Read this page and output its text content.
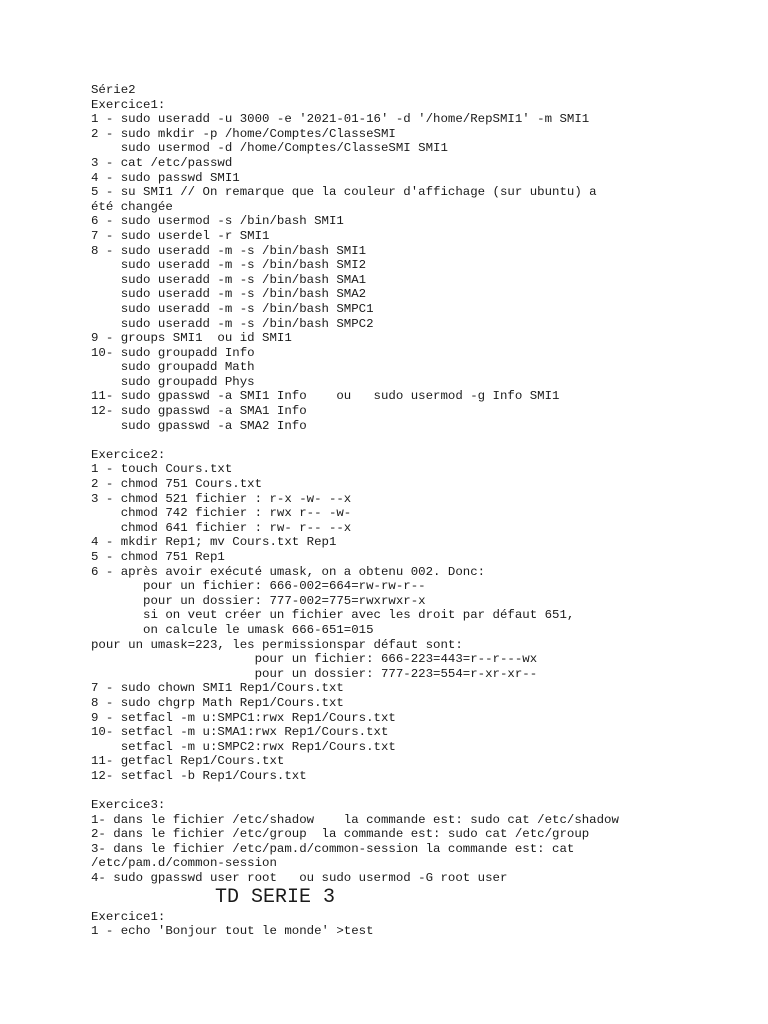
Série2
Exercice1:
1 - sudo useradd -u 3000 -e '2021-01-16' -d '/home/RepSMI1' -m SMI1
2 - sudo mkdir -p /home/Comptes/ClasseSMI
sudo usermod -d /home/Comptes/ClasseSMI SMI1
3 - cat /etc/passwd
4 - sudo passwd SMI1
5 - su SMI1 // On remarque que la couleur d'affichage (sur ubuntu) a
été changée
6 - sudo usermod -s /bin/bash SMI1
7 - sudo userdel -r SMI1
8 - sudo useradd -m -s /bin/bash SMI1
sudo useradd -m -s /bin/bash SMI2
sudo useradd -m -s /bin/bash SMA1
sudo useradd -m -s /bin/bash SMA2
sudo useradd -m -s /bin/bash SMPC1
sudo useradd -m -s /bin/bash SMPC2
9 - groups SMI1  ou id SMI1
10- sudo groupadd Info
sudo groupadd Math
sudo groupadd Phys
11- sudo gpasswd -a SMI1 Info    ou   sudo usermod -g Info SMI1
12- sudo gpasswd -a SMA1 Info
sudo gpasswd -a SMA2 Info
Exercice2:
1 - touch Cours.txt
2 - chmod 751 Cours.txt
3 - chmod 521 fichier : r-x -w- --x
chmod 742 fichier : rwx r-- -w-
chmod 641 fichier : rw- r-- --x
4 - mkdir Rep1; mv Cours.txt Rep1
5 - chmod 751 Rep1
6 - après avoir exécuté umask, on a obtenu 002. Donc:
pour un fichier: 666-002=664=rw-rw-r--
pour un dossier: 777-002=775=rwxrwxr-x
si on veut créer un fichier avec les droit par défaut 651,
on calcule le umask 666-651=015
pour un umask=223, les permissionspar défaut sont:
pour un fichier: 666-223=443=r--r---wx
pour un dossier: 777-223=554=r-xr-xr--
7 - sudo chown SMI1 Rep1/Cours.txt
8 - sudo chgrp Math Rep1/Cours.txt
9 - setfacl -m u:SMPC1:rwx Rep1/Cours.txt
10- setfacl -m u:SMA1:rwx Rep1/Cours.txt
setfacl -m u:SMPC2:rwx Rep1/Cours.txt
11- getfacl Rep1/Cours.txt
12- setfacl -b Rep1/Cours.txt
Exercice3:
1- dans le fichier /etc/shadow    la commande est: sudo cat /etc/shadow
2- dans le fichier /etc/group  la commande est: sudo cat /etc/group
3- dans le fichier /etc/pam.d/common-session la commande est: cat
/etc/pam.d/common-session
4- sudo gpasswd user root   ou sudo usermod -G root user
TD SERIE 3
Exercice1:
1 - echo 'Bonjour tout le monde' >test
